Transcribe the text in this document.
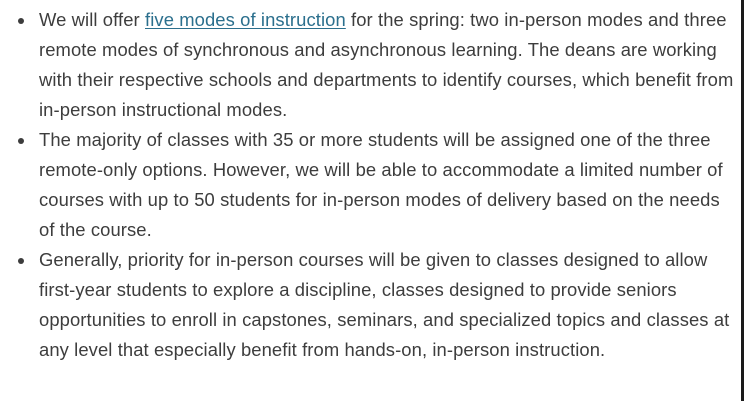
We will offer five modes of instruction for the spring: two in-person modes and three remote modes of synchronous and asynchronous learning. The deans are working with their respective schools and departments to identify courses, which benefit from in-person instructional modes.
The majority of classes with 35 or more students will be assigned one of the three remote-only options. However, we will be able to accommodate a limited number of courses with up to 50 students for in-person modes of delivery based on the needs of the course.
Generally, priority for in-person courses will be given to classes designed to allow first-year students to explore a discipline, classes designed to provide seniors opportunities to enroll in capstones, seminars, and specialized topics and classes at any level that especially benefit from hands-on, in-person instruction.
